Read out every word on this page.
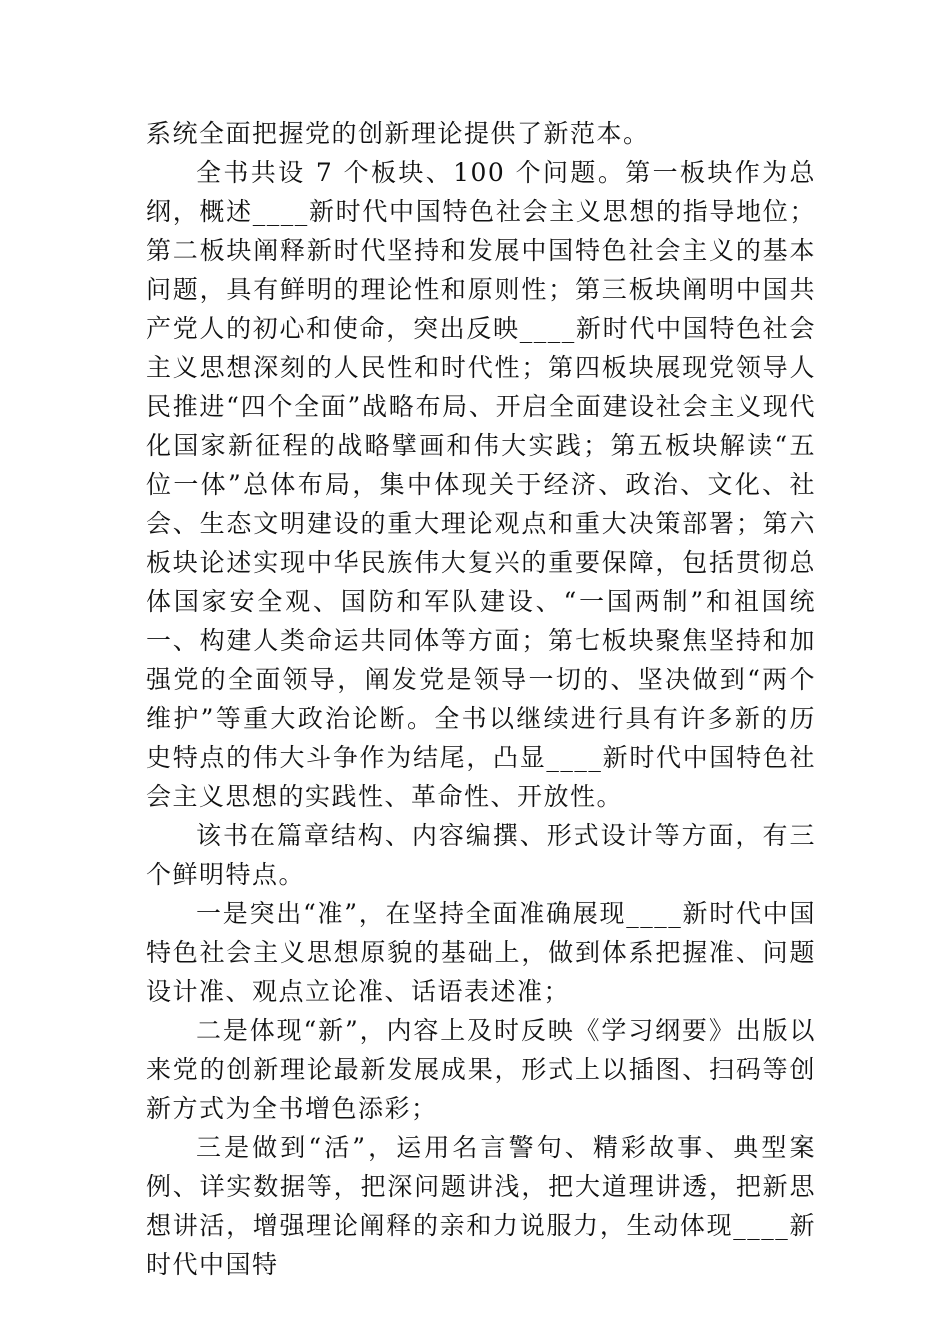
系统全面把握党的创新理论提供了新范本。

全书共设 7 个板块、100 个问题。第一板块作为总纲，概述____新时代中国特色社会主义思想的指导地位；第二板块阐释新时代坚持和发展中国特色社会主义的基本问题，具有鲜明的理论性和原则性；第三板块阐明中国共产党人的初心和使命，突出反映____新时代中国特色社会主义思想深刻的人民性和时代性；第四板块展现党领导人民推进“四个全面”战略布局、开启全面建设社会主义现代化国家新征程的战略擘画和伟大实践；第五板块解读“五位一体”总体布局，集中体现关于经济、政治、文化、社会、生态文明建设的重大理论观点和重大决策部署；第六板块论述实现中华民族伟大复兴的重要保障，包括贯彻总体国家安全观、国防和军队建设、“一国两制”和祖国统一、构建人类命运共同体等方面；第七板块聚焦坚持和加强党的全面领导，阐发党是领导一切的、坚决做到“两个维护”等重大政治论断。全书以继续进行具有许多新的历史特点的伟大斗争作为结尾，凸显____新时代中国特色社会主义思想的实践性、革命性、开放性。

该书在篇章结构、内容编撰、形式设计等方面，有三个鲜明特点。

一是突出“准”，在坚持全面准确展现____新时代中国特色社会主义思想原貌的基础上，做到体系把握准、问题设计准、观点立论准、话语表述准；

二是体现“新”，内容上及时反映《学习纲要》出版以来党的创新理论最新发展成果，形式上以插图、扫码等创新方式为全书增色添彩；

三是做到“活”，运用名言警句、精彩故事、典型案例、详实数据等，把深问题讲浅，把大道理讲透，把新思想讲活，增强理论阐释的亲和力说服力，生动体现____新时代中国特
